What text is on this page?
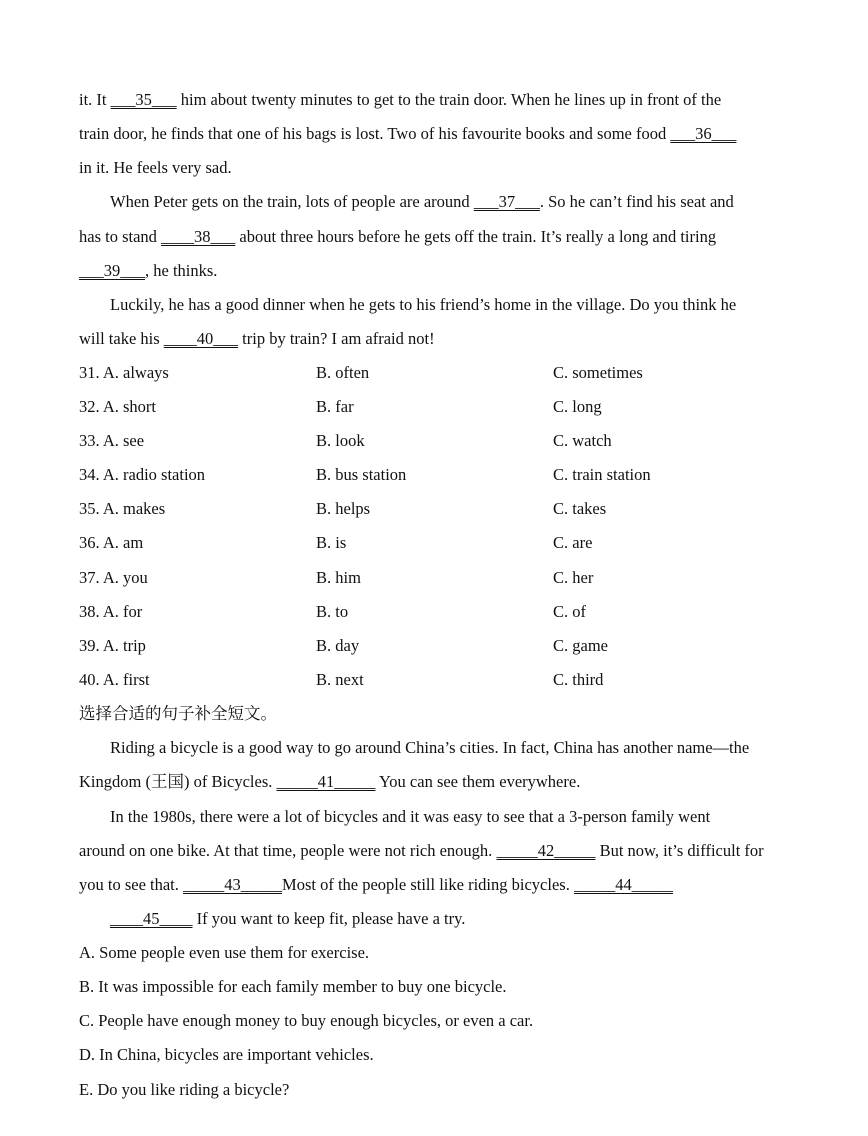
it. It ___35___ him about twenty minutes to get to the train door. When he lines up in front of the
train door, he finds that one of his bags is lost. Two of his favourite books and some food ___36___
in it. He feels very sad.
When Peter gets on the train, lots of people are around ___37___. So he can’t find his seat and
has to stand ____38___ about three hours before he gets off the train. It’s really a long and tiring
___39___, he thinks.
Luckily, he has a good dinner when he gets to his friend’s home in the village. Do you think he
will take his ____40___ trip by train? I am afraid not!
31. A. always	B. often	C. sometimes
32. A. short	B. far	C. long
33. A. see	B. look	C. watch
34. A. radio station	B. bus station	C. train station
35. A. makes	B. helps	C. takes
36. A. am	B. is	C. are
37. A. you	B. him	C. her
38. A. for	B. to	C. of
39. A. trip	B. day	C. game
40. A. first	B. next	C. third
选择合适的句子补全短文。
Riding a bicycle is a good way to go around China’s cities. In fact, China has another name—the
Kingdom (王国) of Bicycles. _____41_____ You can see them everywhere.
In the 1980s, there were a lot of bicycles and it was easy to see that a 3-person family went
around on one bike. At that time, people were not rich enough. _____42_____ But now, it’s difficult for
you to see that. _____43_____Most of the people still like riding bicycles. _____44_____
____45____ If you want to keep fit, please have a try.
A. Some people even use them for exercise.
B. It was impossible for each family member to buy one bicycle.
C. People have enough money to buy enough bicycles, or even a car.
D. In China, bicycles are important vehicles.
E. Do you like riding a bicycle?
